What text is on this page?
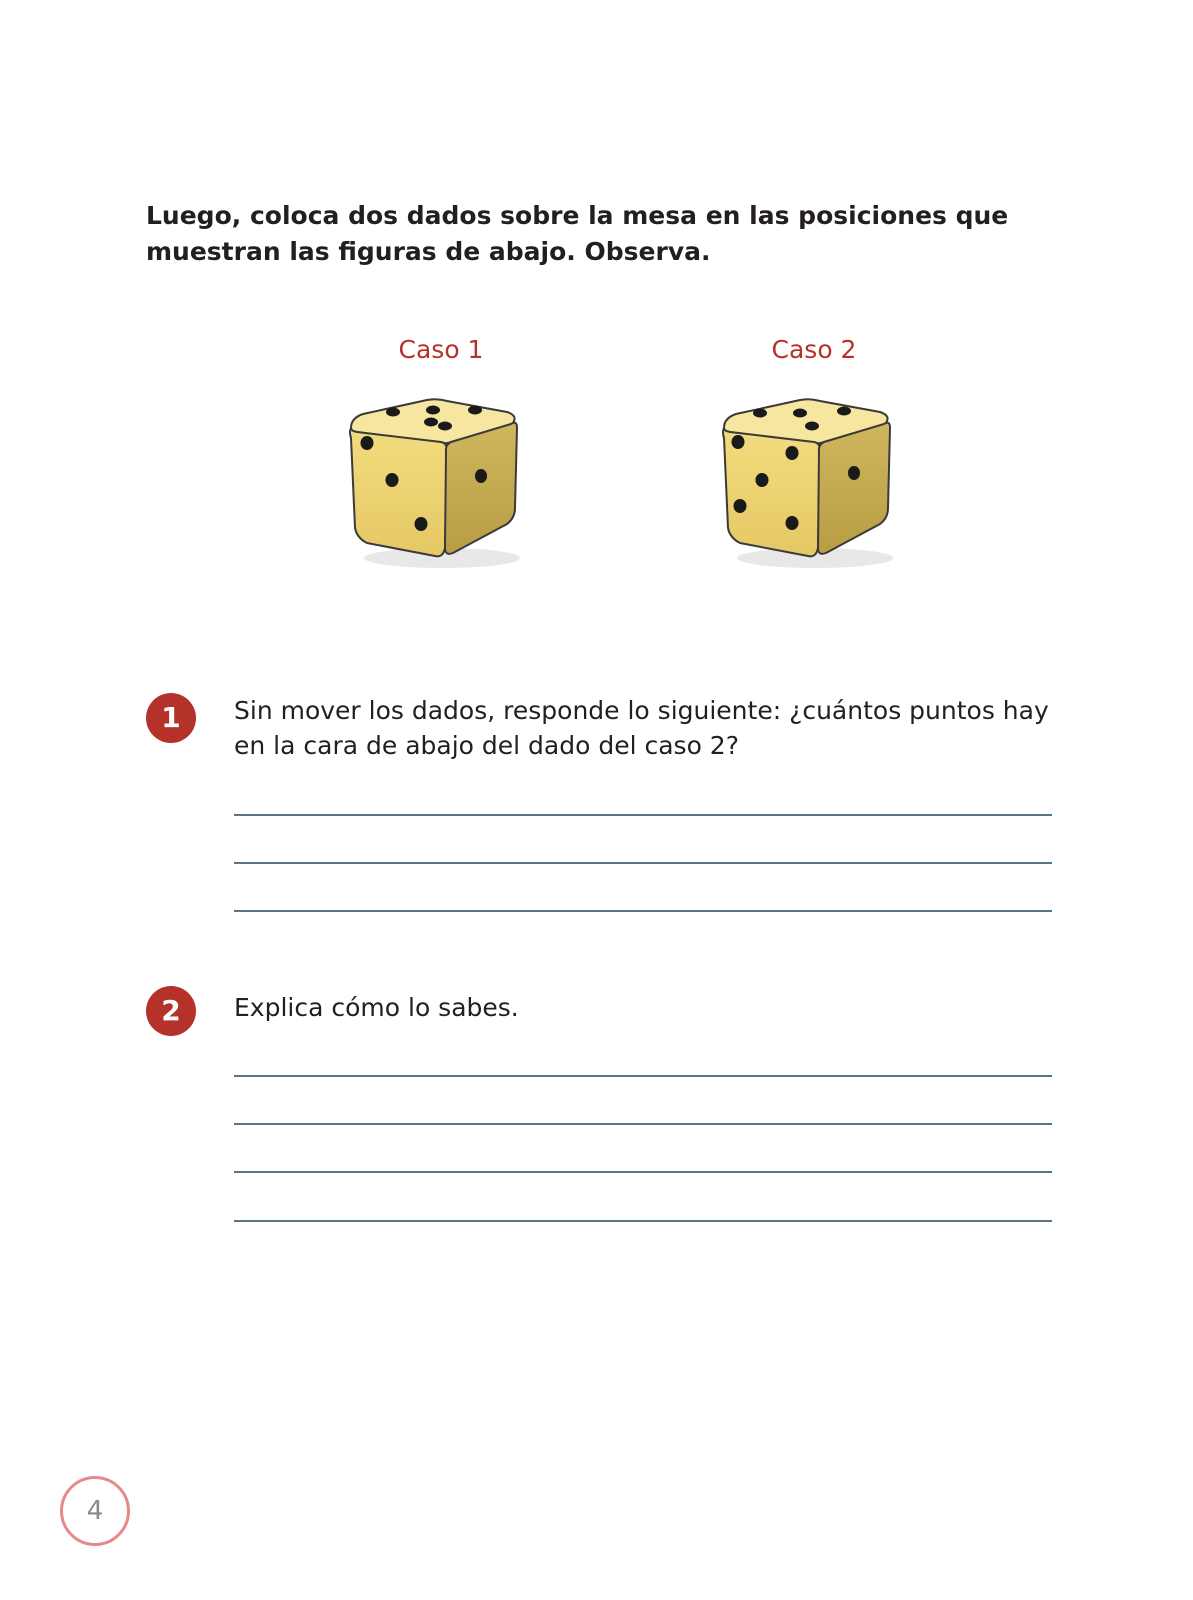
Luego, coloca dos dados sobre la mesa en las posiciones que muestran las figuras de abajo. Observa.

Caso 1	Caso 2
1	Sin mover los dados, responde lo siguiente: ¿cuántos puntos hay en la cara de abajo del dado del caso 2?

2	Explica cómo lo sabes.

4
